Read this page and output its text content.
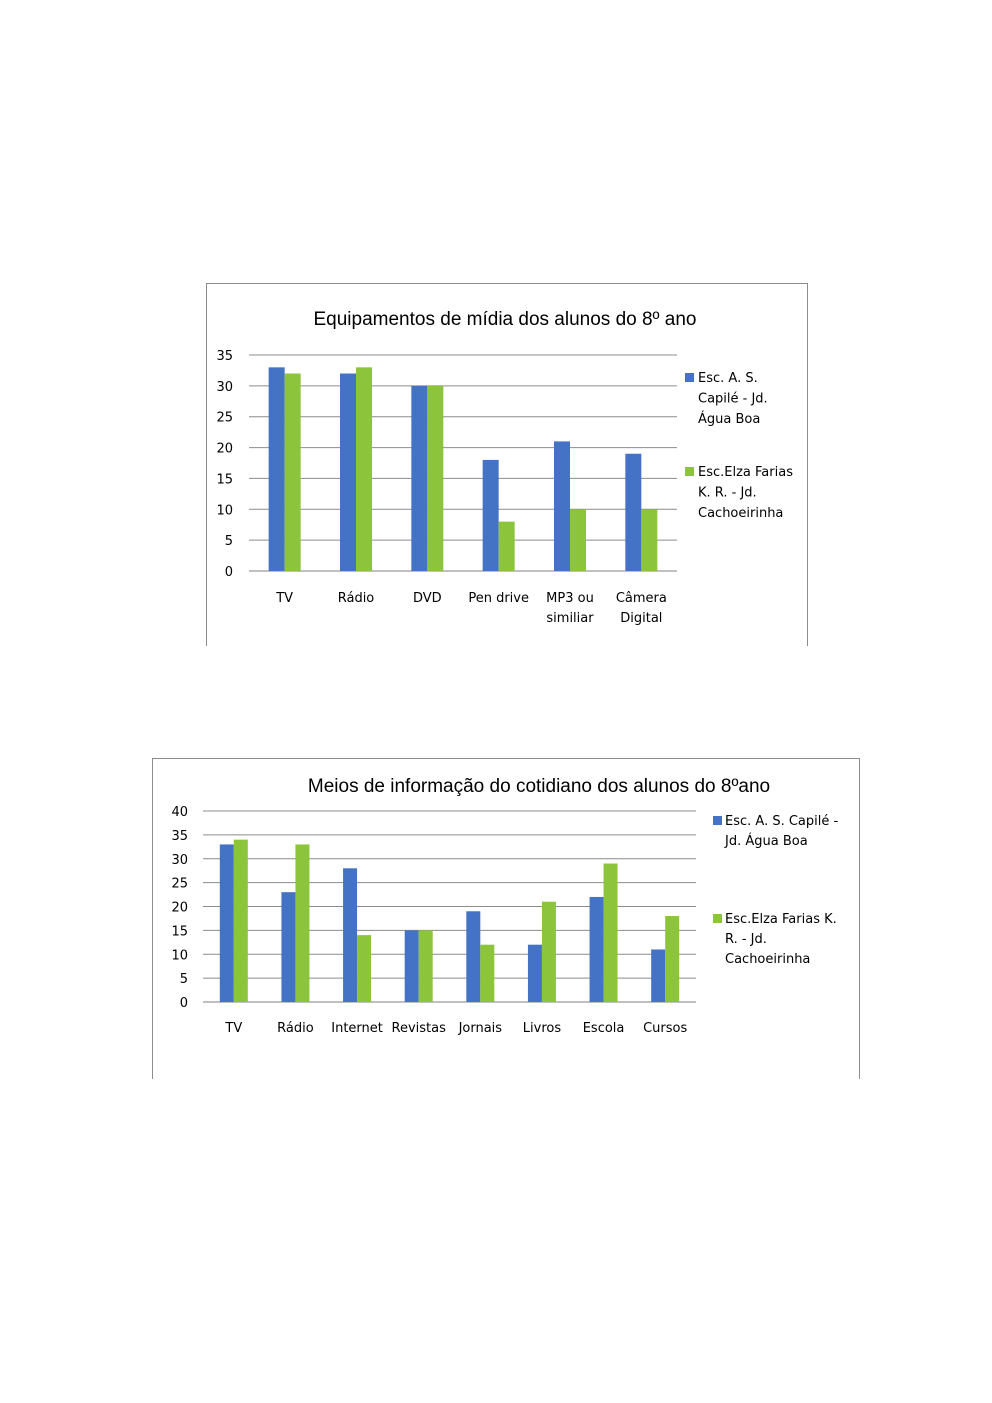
Equipamentos de mídia dos alunos do 8º ano
0
5
10
15
20
25
30
35
TV	Rádio	DVD Pen drive MP3 ou
similiar
Câmera
Digital
Esc. A. S.
Capilé - Jd.
Água Boa
Esc.Elza Farias
K. R. - Jd.
Cachoeirinha
Meios de informação do cotidiano dos alunos do 8ºano
0
5
10
15
20
25
30
35
40
TV	Rádio Internet Revistas Jornais Livros Escola Cursos
Esc. A. S. Capilé -
Jd. Água Boa
Esc.Elza Farias K.
R. - Jd.
Cachoeirinha
